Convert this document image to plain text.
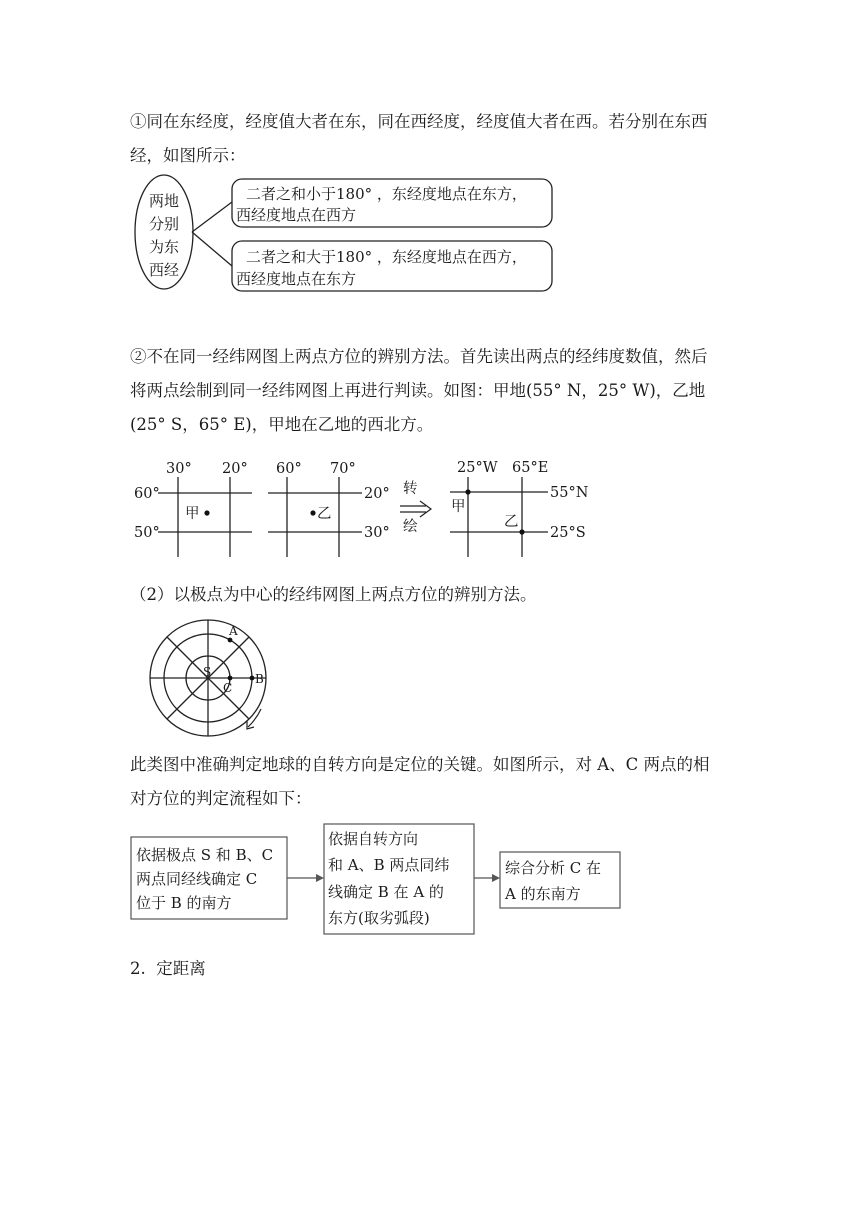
①同在东经度，经度值大者在东，同在西经度，经度值大者在西。若分别在东西
经，如图所示：

两地
分别
为东
西经
二者之和小于180° ，东经度地点在东方，
西经度地点在西方
二者之和大于180° ，东经度地点在西方，
西经度地点在东方

②不在同一经纬网图上两点方位的辨别方法。首先读出两点的经纬度数值，然后
将两点绘制到同一经纬网图上再进行判读。如图：甲地(55° N，25° W)，乙地
(25° S，65° E)，甲地在乙地的西北方。

30° 20°
60°
50°
甲
60° 70°
20°
30°
乙
转
绘
25°W 65°E
55°N
25°S
甲
乙

（2）以极点为中心的经纬网图上两点方位的辨别方法。

A
S
C
B

此类图中准确判定地球的自转方向是定位的关键。如图所示，对 A、C 两点的相
对方位的判定流程如下：

依据极点 S 和 B、C
两点同经线确定 C
位于 B 的南方
依据自转方向
和 A、B 两点同纬
线确定 B 在 A 的
东方(取劣弧段)
综合分析 C 在
A 的东南方

2.  定距离
